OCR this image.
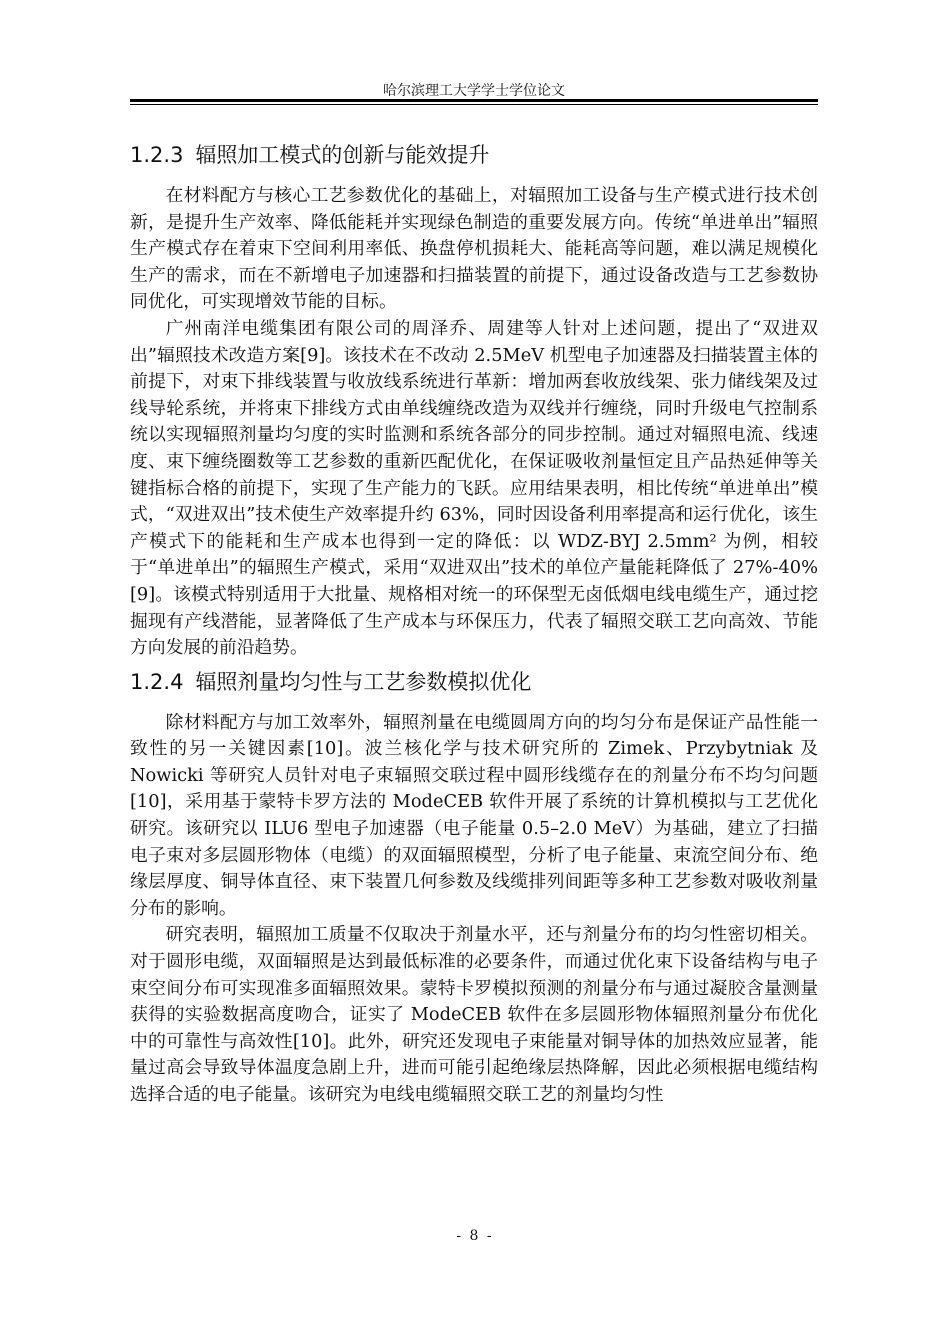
哈尔滨理工大学学士学位论文
1.2.3 辐照加工模式的创新与能效提升

在材料配方与核心工艺参数优化的基础上，对辐照加工设备与生产模式进行技术创新，是提升生产效率、降低能耗并实现绿色制造的重要发展方向。传统“单进单出”辐照生产模式存在着束下空间利用率低、换盘停机损耗大、能耗高等问题，难以满足规模化生产的需求，而在不新增电子加速器和扫描装置的前提下，通过设备改造与工艺参数协同优化，可实现增效节能的目标。

广州南洋电缆集团有限公司的周泽乔、周建等人针对上述问题，提出了“双进双出”辐照技术改造方案[9]。该技术在不改动 2.5MeV 机型电子加速器及扫描装置主体的前提下，对束下排线装置与收放线系统进行革新：增加两套收放线架、张力储线架及过线导轮系统，并将束下排线方式由单线缠绕改造为双线并行缠绕，同时升级电气控制系统以实现辐照剂量均匀度的实时监测和系统各部分的同步控制。通过对辐照电流、线速度、束下缠绕圈数等工艺参数的重新匹配优化，在保证吸收剂量恒定且产品热延伸等关键指标合格的前提下，实现了生产能力的飞跃。应用结果表明，相比传统“单进单出”模式，“双进双出”技术使生产效率提升约 63%，同时因设备利用率提高和运行优化，该生产模式下的能耗和生产成本也得到一定的降低：以 WDZ-BYJ 2.5mm² 为例，相较于“单进单出”的辐照生产模式，采用“双进双出”技术的单位产量能耗降低了 27%-40%[9]。该模式特别适用于大批量、规格相对统一的环保型无卤低烟电线电缆生产，通过挖掘现有产线潜能，显著降低了生产成本与环保压力，代表了辐照交联工艺向高效、节能方向发展的前沿趋势。

1.2.4 辐照剂量均匀性与工艺参数模拟优化

除材料配方与加工效率外，辐照剂量在电缆圆周方向的均匀分布是保证产品性能一致性的另一关键因素[10]。波兰核化学与技术研究所的 Zimek、Przybytniak 及 Nowicki 等研究人员针对电子束辐照交联过程中圆形线缆存在的剂量分布不均匀问题[10]，采用基于蒙特卡罗方法的 ModeCEB 软件开展了系统的计算机模拟与工艺优化研究。该研究以 ILU6 型电子加速器（电子能量 0.5–2.0 MeV）为基础，建立了扫描电子束对多层圆形物体（电缆）的双面辐照模型，分析了电子能量、束流空间分布、绝缘层厚度、铜导体直径、束下装置几何参数及线缆排列间距等多种工艺参数对吸收剂量分布的影响。

研究表明，辐照加工质量不仅取决于剂量水平，还与剂量分布的均匀性密切相关。对于圆形电缆，双面辐照是达到最低标准的必要条件，而通过优化束下设备结构与电子束空间分布可实现准多面辐照效果。蒙特卡罗模拟预测的剂量分布与通过凝胶含量测量获得的实验数据高度吻合，证实了 ModeCEB 软件在多层圆形物体辐照剂量分布优化中的可靠性与高效性[10]。此外，研究还发现电子束能量对铜导体的加热效应显著，能量过高会导致导体温度急剧上升，进而可能引起绝缘层热降解，因此必须根据电缆结构选择合适的电子能量。该研究为电线电缆辐照交联工艺的剂量均匀性

- 8 -
